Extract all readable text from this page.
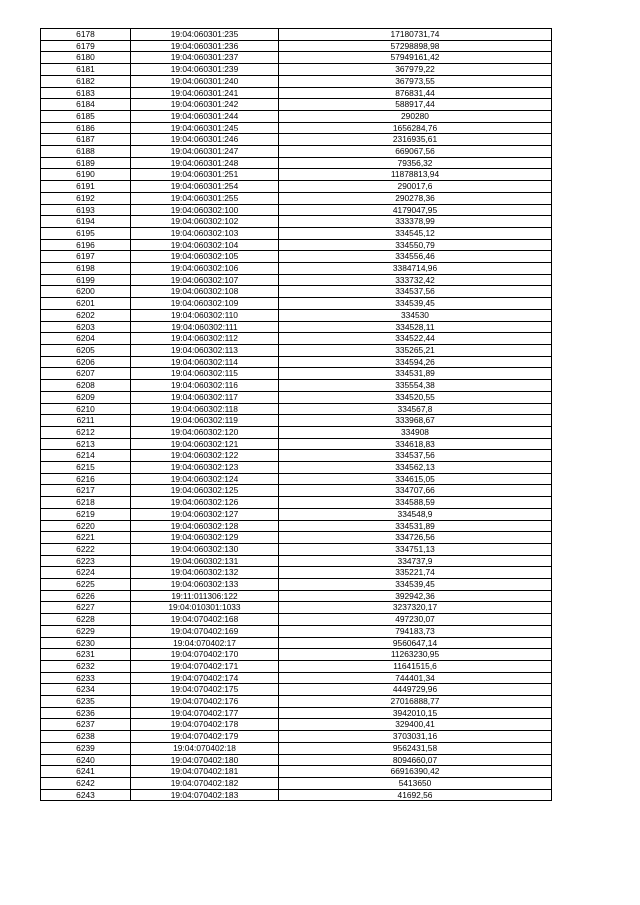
6178	19:04:060301:235	17180731,74
6179	19:04:060301:236	57298898,98
6180	19:04:060301:237	57949161,42
6181	19:04:060301:239	367979,22
6182	19:04:060301:240	367973,55
6183	19:04:060301:241	876831,44
6184	19:04:060301:242	588917,44
6185	19:04:060301:244	290280
6186	19:04:060301:245	1656284,76
6187	19:04:060301:246	2316935,61
6188	19:04:060301:247	669067,56
6189	19:04:060301:248	79356,32
6190	19:04:060301:251	11878813,94
6191	19:04:060301:254	290017,6
6192	19:04:060301:255	290278,36
6193	19:04:060302:100	4179047,95
6194	19:04:060302:102	333378,99
6195	19:04:060302:103	334545,12
6196	19:04:060302:104	334550,79
6197	19:04:060302:105	334556,46
6198	19:04:060302:106	3384714,96
6199	19:04:060302:107	333732,42
6200	19:04:060302:108	334537,56
6201	19:04:060302:109	334539,45
6202	19:04:060302:110	334530
6203	19:04:060302:111	334528,11
6204	19:04:060302:112	334522,44
6205	19:04:060302:113	335265,21
6206	19:04:060302:114	334594,26
6207	19:04:060302:115	334531,89
6208	19:04:060302:116	335554,38
6209	19:04:060302:117	334520,55
6210	19:04:060302:118	334567,8
6211	19:04:060302:119	333968,67
6212	19:04:060302:120	334908
6213	19:04:060302:121	334618,83
6214	19:04:060302:122	334537,56
6215	19:04:060302:123	334562,13
6216	19:04:060302:124	334615,05
6217	19:04:060302:125	334707,66
6218	19:04:060302:126	334588,59
6219	19:04:060302:127	334548,9
6220	19:04:060302:128	334531,89
6221	19:04:060302:129	334726,56
6222	19:04:060302:130	334751,13
6223	19:04:060302:131	334737,9
6224	19:04:060302:132	335221,74
6225	19:04:060302:133	334539,45
6226	19:11:011306:122	392942,36
6227	19:04:010301:1033	3237320,17
6228	19:04:070402:168	497230,07
6229	19:04:070402:169	794183,73
6230	19:04:070402:17	9560647,14
6231	19:04:070402:170	11263230,95
6232	19:04:070402:171	11641515,6
6233	19:04:070402:174	744401,34
6234	19:04:070402:175	4449729,96
6235	19:04:070402:176	27016888,77
6236	19:04:070402:177	3942010,15
6237	19:04:070402:178	329400,41
6238	19:04:070402:179	3703031,16
6239	19:04:070402:18	9562431,58
6240	19:04:070402:180	8094660,07
6241	19:04:070402:181	66916390,42
6242	19:04:070402:182	5413650
6243	19:04:070402:183	41692,56
